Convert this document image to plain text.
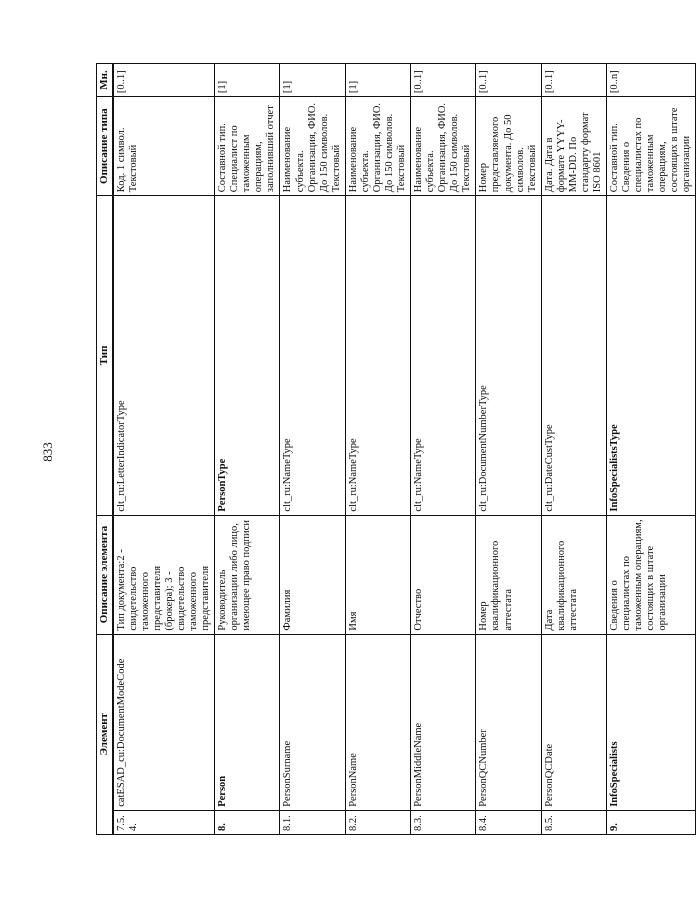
833
Элемент		Описание элемента	Тип	Описание типа	Мн.
7.5.4.	catESAD_cu:DocumentModeCode	Тип документа:2 - свидетельство таможенного представителя (брокера); 3 - свидетельство таможенного представителя	clt_ru:LetterIndicatorType	Код. 1 символ. Текстовый	[0..1]
8.	Person	Руководитель организации либо лицо, имеющее право подписи	PersonType	Составной тип. Специалист по таможенным операциям, заполнивший отчет	[1]
8.1.	PersonSurname	Фамилия	clt_ru:NameType	Наименование субъекта. Организация, ФИО. До 150 символов. Текстовый	[1]
8.2.	PersonName	Имя	clt_ru:NameType	Наименование субъекта. Организация, ФИО. До 150 символов. Текстовый	[1]
8.3.	PersonMiddleName	Отчество	clt_ru:NameType	Наименование субъекта. Организация, ФИО. До 150 символов. Текстовый	[0..1]
8.4.	PersonQCNumber	Номер квалификационного аттестата	clt_ru:DocumentNumberType	Номер представляемого документа. До 50 символов. Текстовый	[0..1]
8.5.	PersonQCDate	Дата квалификационного аттестата	clt_ru:DateCustType	Дата. Дата в формате YYYY-MM-DD. По стандарту формат ISO 8601	[0..1]
9.	InfoSpecialists	Сведения о специалистах по таможенным операциям, состоящих в штате организации	InfoSpecialistsType	Составной тип. Сведения о специалистах по таможенным операциям, состоящих в штате организации	[0..n]
